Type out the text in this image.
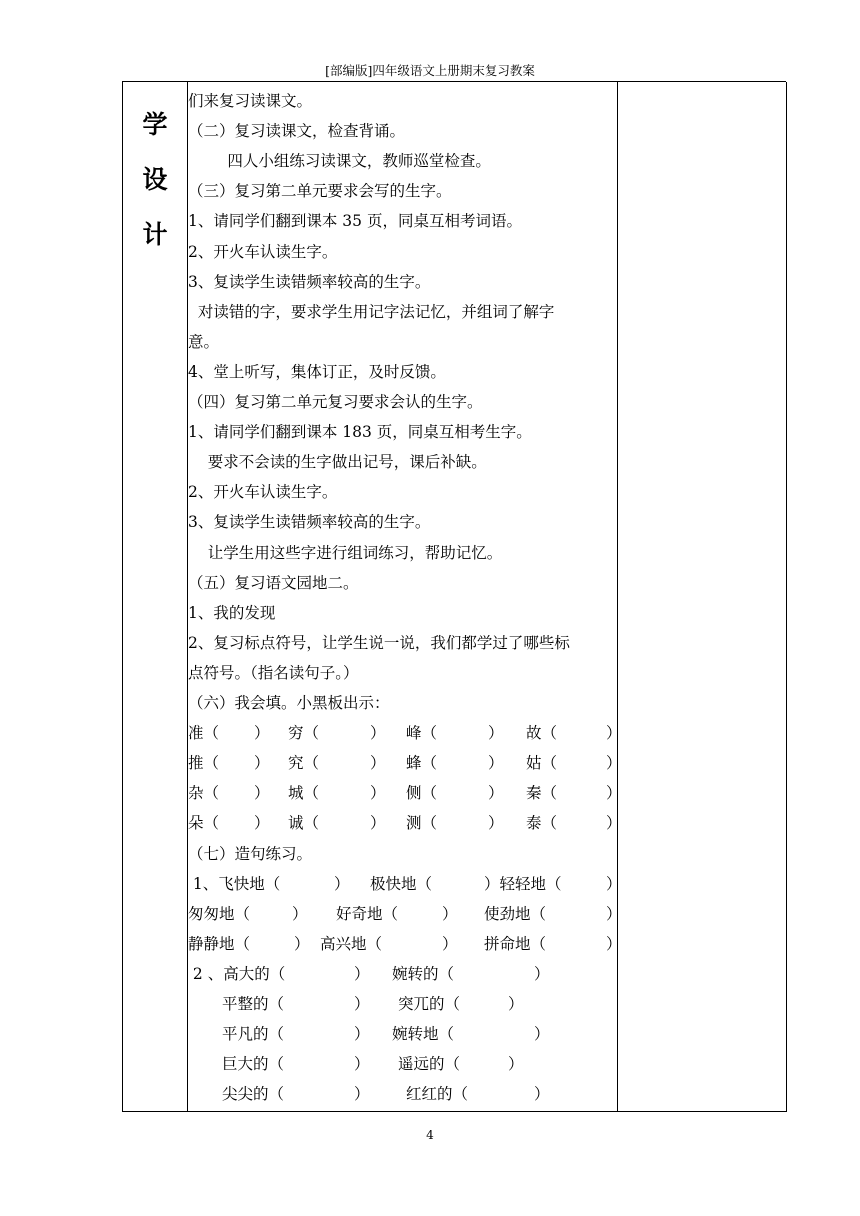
[部编版]四年级语文上册期末复习教案
学
设
计
们来复习读课文。
（二）复习读课文，检查背诵。
四人小组练习读课文，教师巡堂检查。
（三）复习第二单元要求会写的生字。
1、请同学们翻到课本 35 页，同桌互相考词语。
2、开火车认读生字。
3、复读学生读错频率较高的生字。
对读错的字，要求学生用记字法记忆，并组词了解字
意。
4、堂上听写，集体订正，及时反馈。
（四）复习第二单元复习要求会认的生字。
1、请同学们翻到课本 183 页，同桌互相考生字。
要求不会读的生字做出记号，课后补缺。
2、开火车认读生字。
3、复读学生读错频率较高的生字。
让学生用这些字进行组词练习，帮助记忆。
（五）复习语文园地二。
1、我的发现
2、复习标点符号，让学生说一说，我们都学过了哪些标
点符号。（指名读句子。）
（六）我会填。小黑板出示：
准（ ） 穷（	） 峰（	） 故（	）
推（ ） 究（	） 蜂（	） 姑（	）
杂（ ） 城（	） 侧（	） 秦（	）
朵（ ） 诚（	） 测（	） 泰（	）
（七）造句练习。
1、飞快地（	） 极快地（	）轻轻地（	）
匆匆地（	） 好奇地（	） 使劲地（	）
静静地（	） 高兴地（	） 拼命地（	）
2 、高大的（	） 婉转的（	）
平整的（	） 突兀的（	）
平凡的（	） 婉转地（	）
巨大的（	） 遥远的（	）
尖尖的（	） 红红的（	）
4
